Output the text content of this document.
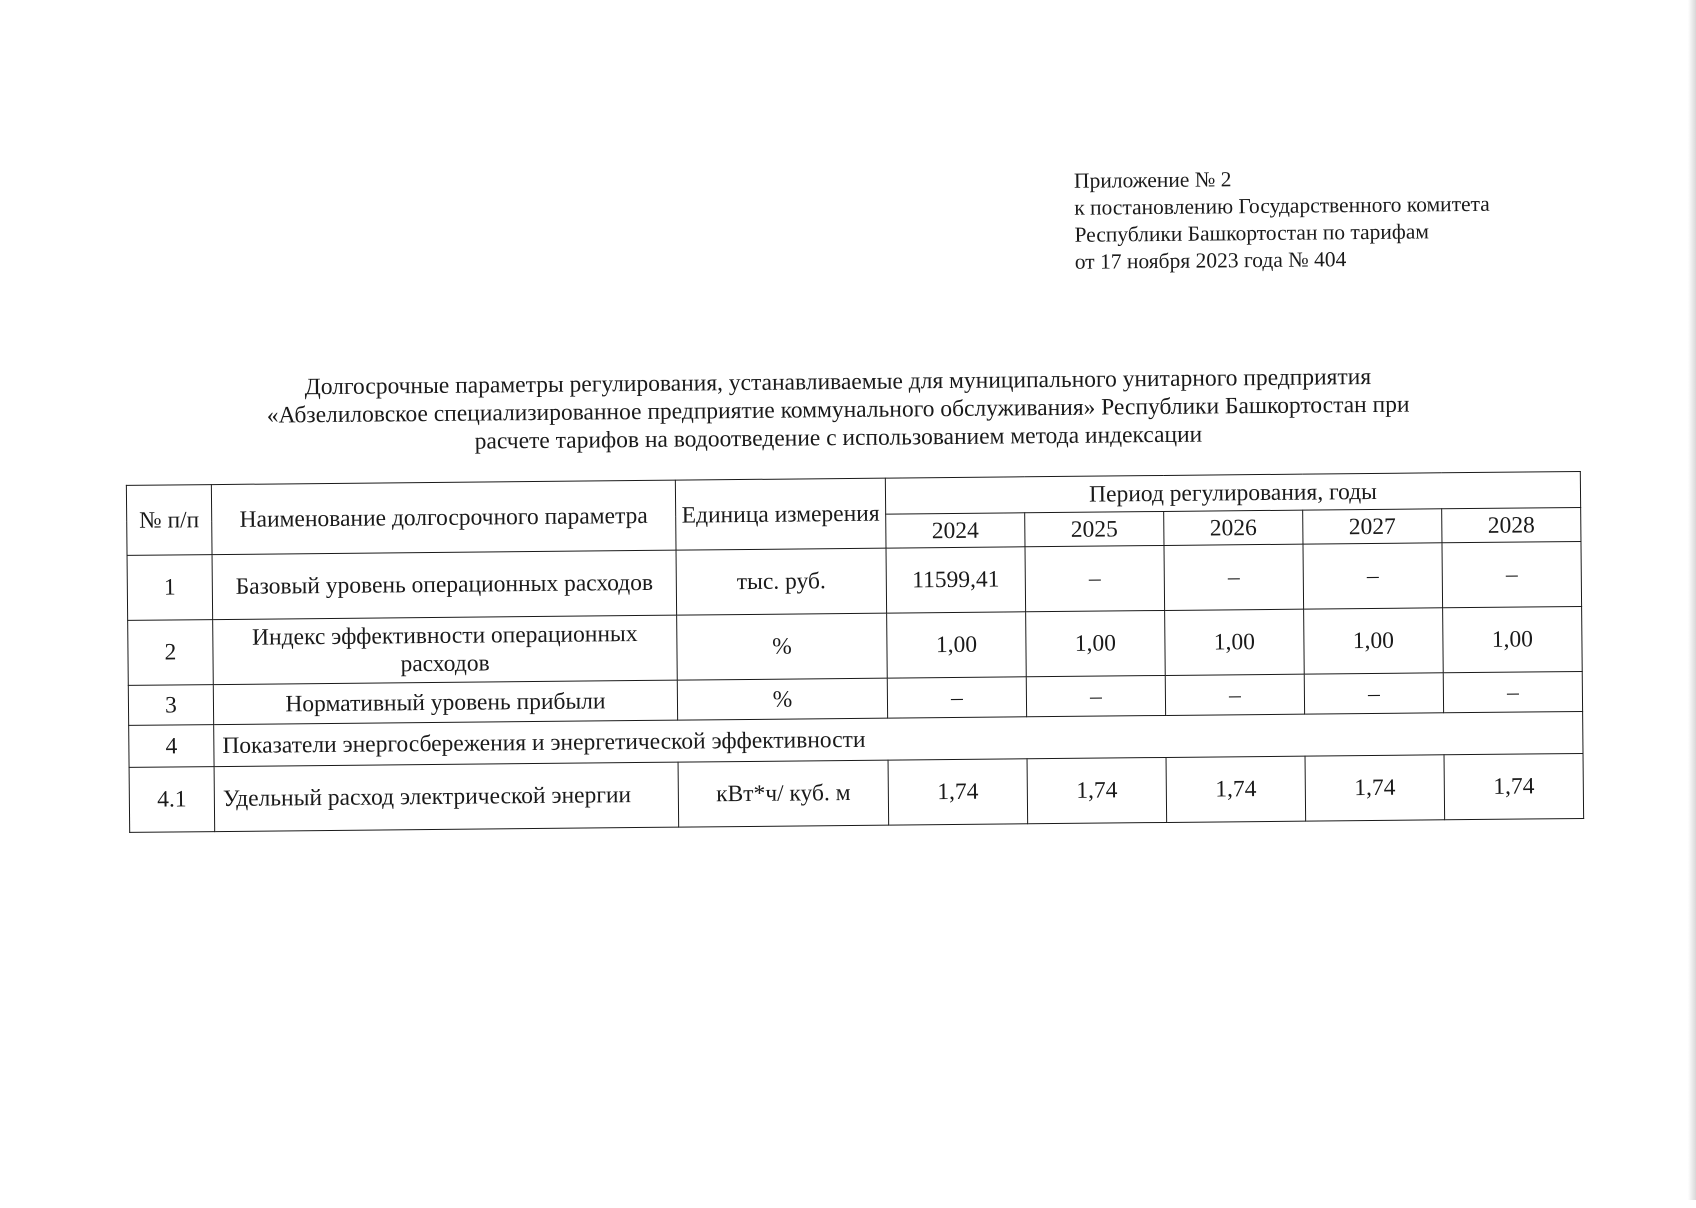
Приложение № 2
к постановлению Государственного комитета
Республики Башкортостан по тарифам
от 17 ноября 2023 года № 404
Долгосрочные параметры регулирования, устанавливаемые для муниципального унитарного предприятия
«Абзелиловское специализированное предприятие коммунального обслуживания» Республики Башкортостан при
расчете тарифов на водоотведение с использованием метода индексации
№ п/п	Наименование долгосрочного параметра	Единица измерения	Период регулирования, годы				
			2024	2025	2026	2027	2028
1	Базовый уровень операционных расходов	тыс. руб.	11599,41	–	–	–	–
2	Индекс эффективности операционных расходов	%	1,00	1,00	1,00	1,00	1,00
3	Нормативный уровень прибыли	%	–	–	–	–	–
4	Показатели энергосбережения и энергетической эффективности						
4.1	Удельный расход электрической энергии	кВт*ч/ куб. м	1,74	1,74	1,74	1,74	1,74
